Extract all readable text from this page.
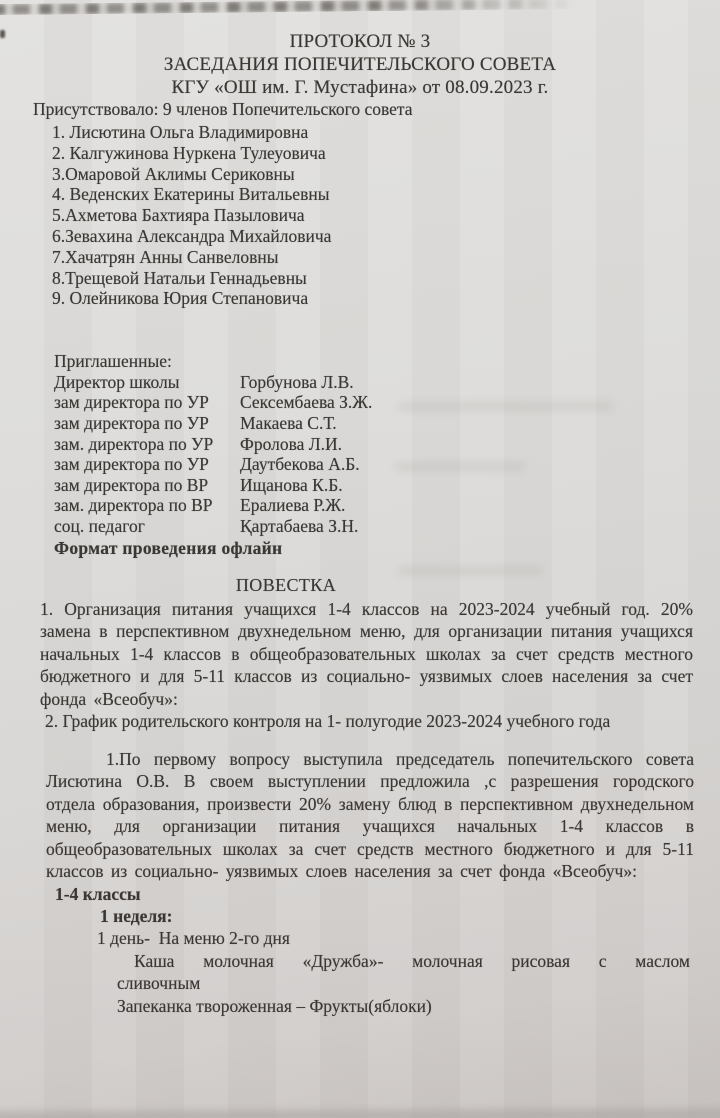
ПРОТОКОЛ № 3
ЗАСЕДАНИЯ ПОПЕЧИТЕЛЬСКОГО СОВЕТА
КГУ «ОШ им. Г. Мустафина» от 08.09.2023 г.
Присутствовало: 9 членов Попечительского совета
1. Лисютина Ольга Владимировна
2. Калгужинова Нуркена Тулеуовича
3.Омаровой Аклимы Сериковны
4. Веденских Екатерины Витальевны
5.Ахметова Бахтияра Пазыловича
6.Зевахина Александра Михайловича
7.Хачатрян Анны Санвеловны
8.Трещевой Натальи Геннадьевны
9. Олейникова Юрия Степановича
Приглашенные:
Директор школы	Горбунова Л.В.
зам директора по УР	Сексембаева З.Ж.
зам директора по УР	Макаева С.Т.
зам. директора по УР	Фролова Л.И.
зам директора по УР	Даутбекова А.Б.
зам директора по ВР	Ищанова К.Б.
зам. директора по ВР	Ералиева Р.Ж.
соц. педагог	Қартабаева З.Н.
Формат проведения офлайн
ПОВЕСТКА
1. Организация питания учащихся 1-4 классов на 2023-2024 учебный год. 20% замена в перспективном двухнедельном меню, для организации питания учащихся начальных 1-4 классов в общеобразовательных школах за счет средств местного бюджетного и для 5-11 классов из социально- уязвимых слоев населения за счет фонда «Всеобуч»:
2. График родительского контроля на 1- полугодие 2023-2024 учебного года
1.По первому вопросу выступила председатель попечительского совета Лисютина О.В. В своем выступлении предложила ,с разрешения городского отдела образования, произвести 20% замену блюд в перспективном двухнедельном меню, для организации питания учащихся начальных 1-4 классов в общеобразовательных школах за счет средств местного бюджетного и для 5-11 классов из социально- уязвимых слоев населения за счет фонда «Всеобуч»:
1-4 классы
1 неделя:
1 день-  На меню 2-го дня
Каша молочная «Дружба»- молочная рисовая с маслом
сливочным
Запеканка твороженная – Фрукты(яблоки)
